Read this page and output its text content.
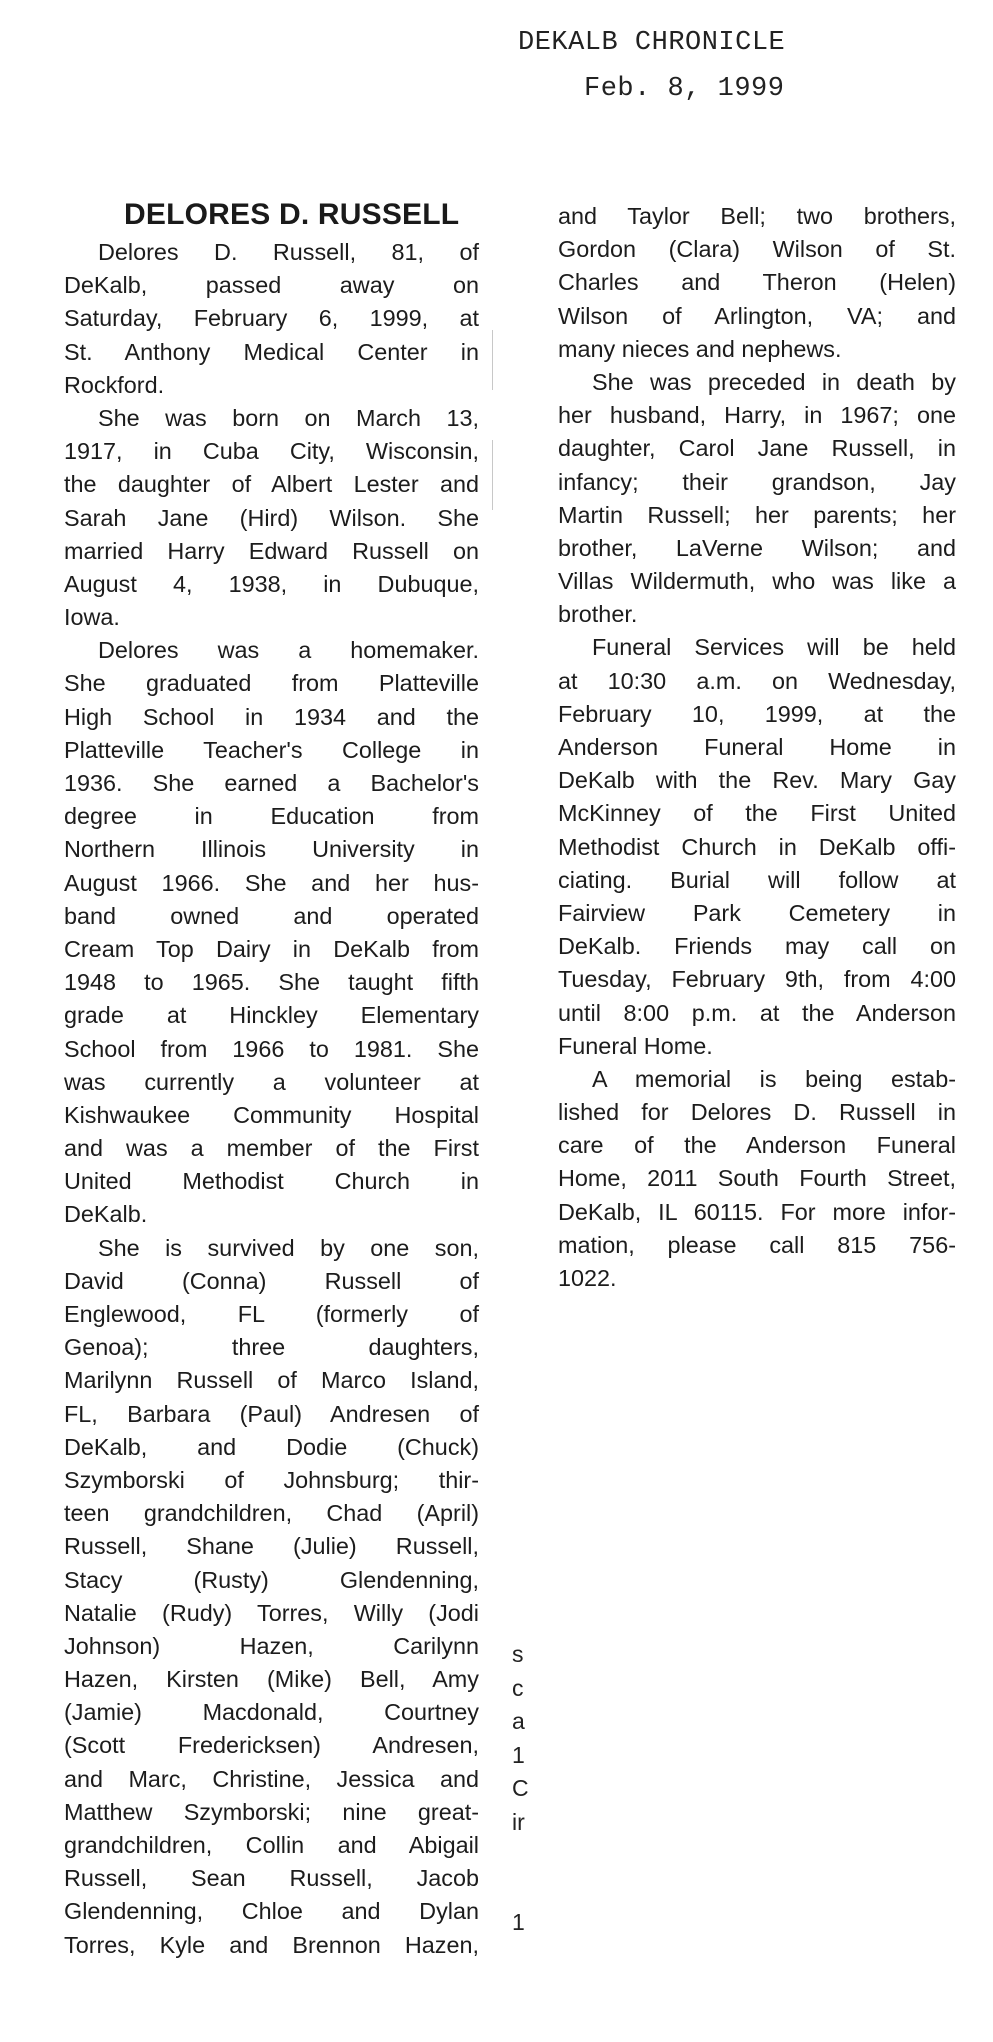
DEKALB CHRONICLE
Feb. 8, 1999
DELORES D. RUSSELL
Delores D. Russell, 81, of
DeKalb, passed away on
Saturday, February 6, 1999, at
St. Anthony Medical Center in
Rockford.
She was born on March 13,
1917, in Cuba City, Wisconsin,
the daughter of Albert Lester and
Sarah Jane (Hird) Wilson. She
married Harry Edward Russell on
August 4, 1938, in Dubuque,
Iowa.
Delores was a homemaker.
She graduated from Platteville
High School in 1934 and the
Platteville Teacher's College in
1936. She earned a Bachelor's
degree in Education from
Northern Illinois University in
August 1966. She and her hus-
band owned and operated
Cream Top Dairy in DeKalb from
1948 to 1965. She taught fifth
grade at Hinckley Elementary
School from 1966 to 1981. She
was currently a volunteer at
Kishwaukee Community Hospital
and was a member of the First
United Methodist Church in
DeKalb.
She is survived by one son,
David (Conna) Russell of
Englewood, FL (formerly of
Genoa); three daughters,
Marilynn Russell of Marco Island,
FL, Barbara (Paul) Andresen of
DeKalb, and Dodie (Chuck)
Szymborski of Johnsburg; thir-
teen grandchildren, Chad (April)
Russell, Shane (Julie) Russell,
Stacy (Rusty) Glendenning,
Natalie (Rudy) Torres, Willy (Jodi
Johnson) Hazen, Carilynn
Hazen, Kirsten (Mike) Bell, Amy
(Jamie) Macdonald, Courtney
(Scott Fredericksen) Andresen,
and Marc, Christine, Jessica and
Matthew Szymborski; nine great-
grandchildren, Collin and Abigail
Russell, Sean Russell, Jacob
Glendenning, Chloe and Dylan
Torres, Kyle and Brennon Hazen,
and Taylor Bell; two brothers,
Gordon (Clara) Wilson of St.
Charles and Theron (Helen)
Wilson of Arlington, VA; and
many nieces and nephews.
She was preceded in death by
her husband, Harry, in 1967; one
daughter, Carol Jane Russell, in
infancy; their grandson, Jay
Martin Russell; her parents; her
brother, LaVerne Wilson; and
Villas Wildermuth, who was like a
brother.
Funeral Services will be held
at 10:30 a.m. on Wednesday,
February 10, 1999, at the
Anderson Funeral Home in
DeKalb with the Rev. Mary Gay
McKinney of the First United
Methodist Church in DeKalb offi-
ciating. Burial will follow at
Fairview Park Cemetery in
DeKalb. Friends may call on
Tuesday, February 9th, from 4:00
until 8:00 p.m. at the Anderson
Funeral Home.
A memorial is being estab-
lished for Delores D. Russell in
care of the Anderson Funeral
Home, 2011 South Fourth Street,
DeKalb, IL 60115. For more infor-
mation, please call 815 756-
1022.
s
c
a
1
C
ir
1
